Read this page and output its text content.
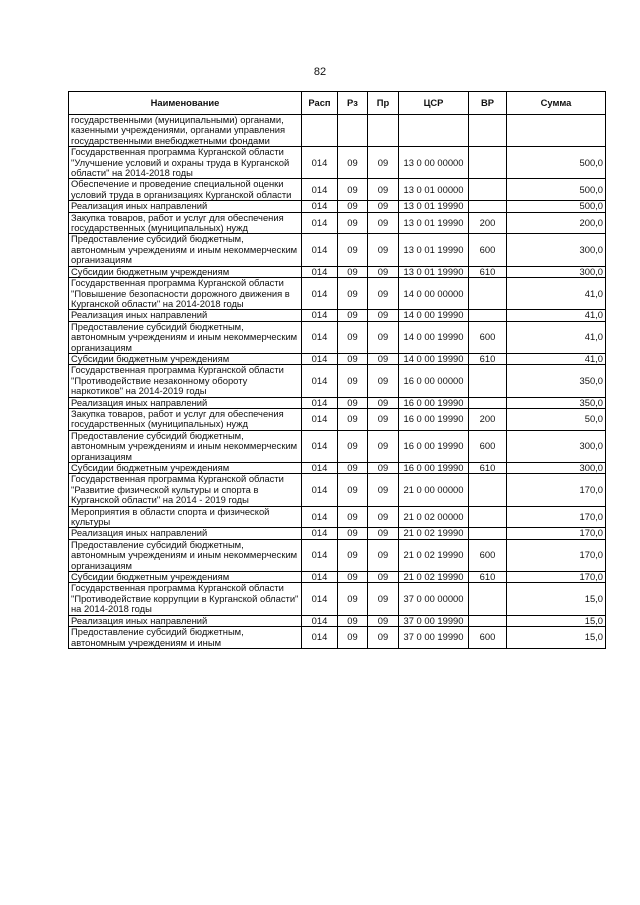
82
Наименование	Расп	Рз	Пр	ЦСР	ВР	Сумма
государственными (муниципальными) органами, казенными учреждениями, органами управления государственными внебюджетными фондами						
Государственная программа Курганской области "Улучшение условий и охраны труда в Курганской области" на 2014-2018 годы	014	09	09	13 0 00 00000		500,0
Обеспечение и проведение специальной оценки условий труда в организациях Курганской области	014	09	09	13 0 01 00000		500,0
Реализация иных направлений	014	09	09	13 0 01 19990		500,0
Закупка товаров, работ и услуг для обеспечения государственных (муниципальных) нужд	014	09	09	13 0 01 19990	200	200,0
Предоставление субсидий бюджетным, автономным учреждениям и иным некоммерческим организациям	014	09	09	13 0 01 19990	600	300,0
Субсидии бюджетным учреждениям	014	09	09	13 0 01 19990	610	300,0
Государственная программа Курганской области "Повышение безопасности дорожного движения в Курганской области" на 2014-2018 годы	014	09	09	14 0 00 00000		41,0
Реализация иных направлений	014	09	09	14 0 00 19990		41,0
Предоставление субсидий бюджетным, автономным учреждениям и иным некоммерческим организациям	014	09	09	14 0 00 19990	600	41,0
Субсидии бюджетным учреждениям	014	09	09	14 0 00 19990	610	41,0
Государственная программа Курганской области "Противодействие незаконному обороту наркотиков" на 2014-2019 годы	014	09	09	16 0 00 00000		350,0
Реализация иных направлений	014	09	09	16 0 00 19990		350,0
Закупка товаров, работ и услуг для обеспечения государственных (муниципальных) нужд	014	09	09	16 0 00 19990	200	50,0
Предоставление субсидий бюджетным, автономным учреждениям и иным некоммерческим организациям	014	09	09	16 0 00 19990	600	300,0
Субсидии бюджетным учреждениям	014	09	09	16 0 00 19990	610	300,0
Государственная программа Курганской области "Развитие физической культуры и спорта в Курганской области" на 2014 - 2019 годы	014	09	09	21 0 00 00000		170,0
Мероприятия в области спорта и физической культуры	014	09	09	21 0 02 00000		170,0
Реализация иных направлений	014	09	09	21 0 02 19990		170,0
Предоставление субсидий бюджетным, автономным учреждениям и иным некоммерческим организациям	014	09	09	21 0 02 19990	600	170,0
Субсидии бюджетным учреждениям	014	09	09	21 0 02 19990	610	170,0
Государственная программа Курганской области "Противодействие коррупции в Курганской области" на 2014-2018 годы	014	09	09	37 0 00 00000		15,0
Реализация иных направлений	014	09	09	37 0 00 19990		15,0
Предоставление субсидий бюджетным, автономным учреждениям и иным	014	09	09	37 0 00 19990	600	15,0
